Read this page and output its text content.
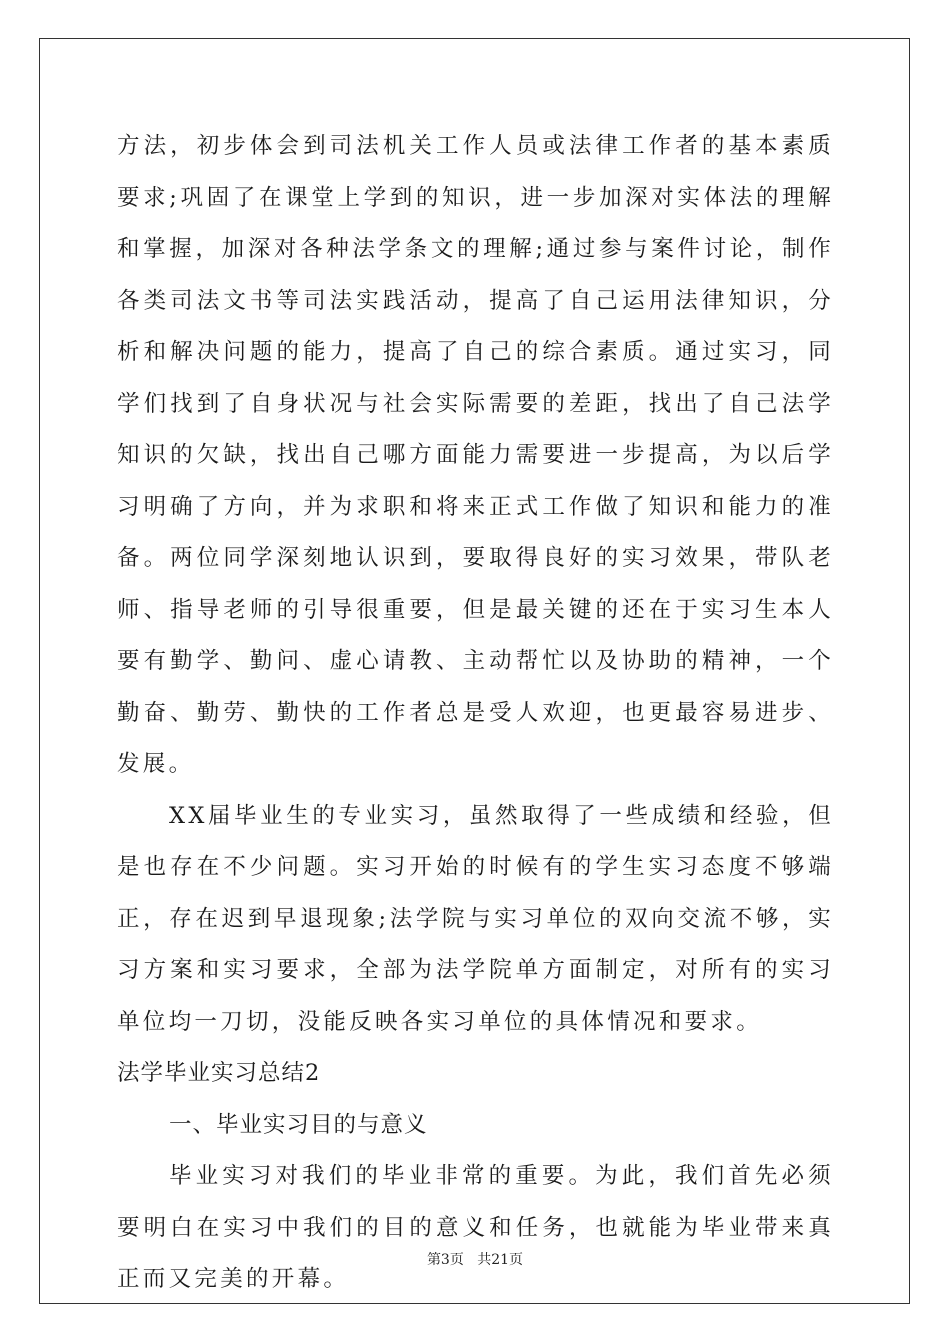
方法，初步体会到司法机关工作人员或法律工作者的基本素质要求;巩固了在课堂上学到的知识，进一步加深对实体法的理解和掌握，加深对各种法学条文的理解;通过参与案件讨论，制作各类司法文书等司法实践活动，提高了自己运用法律知识，分析和解决问题的能力，提高了自己的综合素质。通过实习，同学们找到了自身状况与社会实际需要的差距，找出了自己法学知识的欠缺，找出自己哪方面能力需要进一步提高，为以后学习明确了方向，并为求职和将来正式工作做了知识和能力的准备。两位同学深刻地认识到，要取得良好的实习效果，带队老师、指导老师的引导很重要，但是最关键的还在于实习生本人要有勤学、勤问、虚心请教、主动帮忙以及协助的精神，一个勤奋、勤劳、勤快的工作者总是受人欢迎，也更最容易进步、发展。

XX届毕业生的专业实习，虽然取得了一些成绩和经验，但是也存在不少问题。实习开始的时候有的学生实习态度不够端正，存在迟到早退现象;法学院与实习单位的双向交流不够，实习方案和实习要求，全部为法学院单方面制定，对所有的实习单位均一刀切，没能反映各实习单位的具体情况和要求。

法学毕业实习总结2

一、毕业实习目的与意义

毕业实习对我们的毕业非常的重要。为此，我们首先必须要明白在实习中我们的目的意义和任务，也就能为毕业带来真正而又完美的开幕。

第3页 共21页
